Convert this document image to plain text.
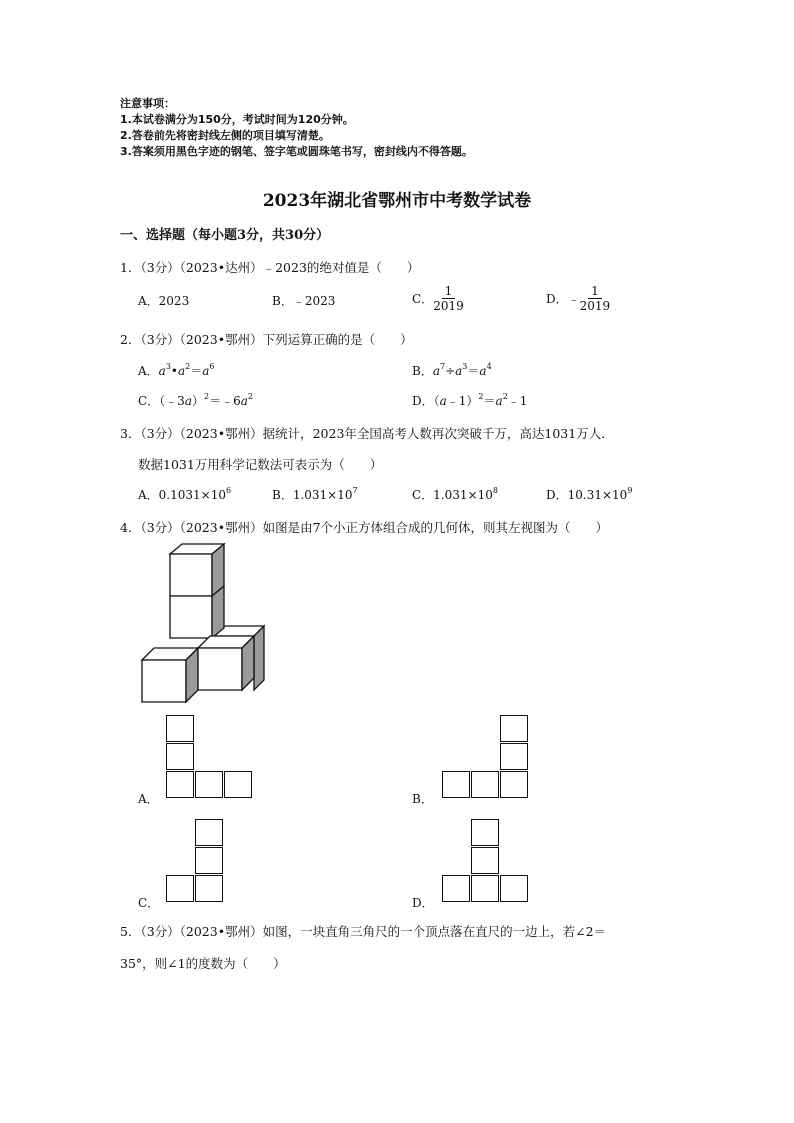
注意事项：
1.本试卷满分为150分，考试时间为120分钟。
2.答卷前先将密封线左侧的项目填写清楚。
3.答案须用黑色字迹的钢笔、签字笔或圆珠笔书写，密封线内不得答题。
2023年湖北省鄂州市中考数学试卷
一、选择题（每小题3分，共30分）
1．（3分）（2023•达州）﹣2023的绝对值是（　　）
A．2023	B．﹣2023	C． $\frac{1}{2019}$	D．﹣ $\frac{1}{2019}$
2．（3分）（2023•鄂州）下列运算正确的是（　　）
A．$a^3•a^2=a^6$	B．$a^7\div a^3=a^4$
C．$(﹣3a)^2=﹣6a^2$	D．$(a﹣1)^2=a^2﹣1$
3．（3分）（2023•鄂州）据统计，2023年全国高考人数再次突破千万，高达1031万人．
数据1031万用科学记数法可表示为（　　）
A．$0.1031\times 10^6$	B．$1.031\times 10^7$	C．$1.031\times 10^8$	D．$10.31\times 10^9$
4．（3分）（2023•鄂州）如图是由7个小正方体组合成的几何体，则其左视图为（　　）
A．	B．
C．	D．
5．（3分）（2023•鄂州）如图，一块直角三角尺的一个顶点落在直尺的一边上，若∠2＝
35°，则∠1的度数为（　　）
